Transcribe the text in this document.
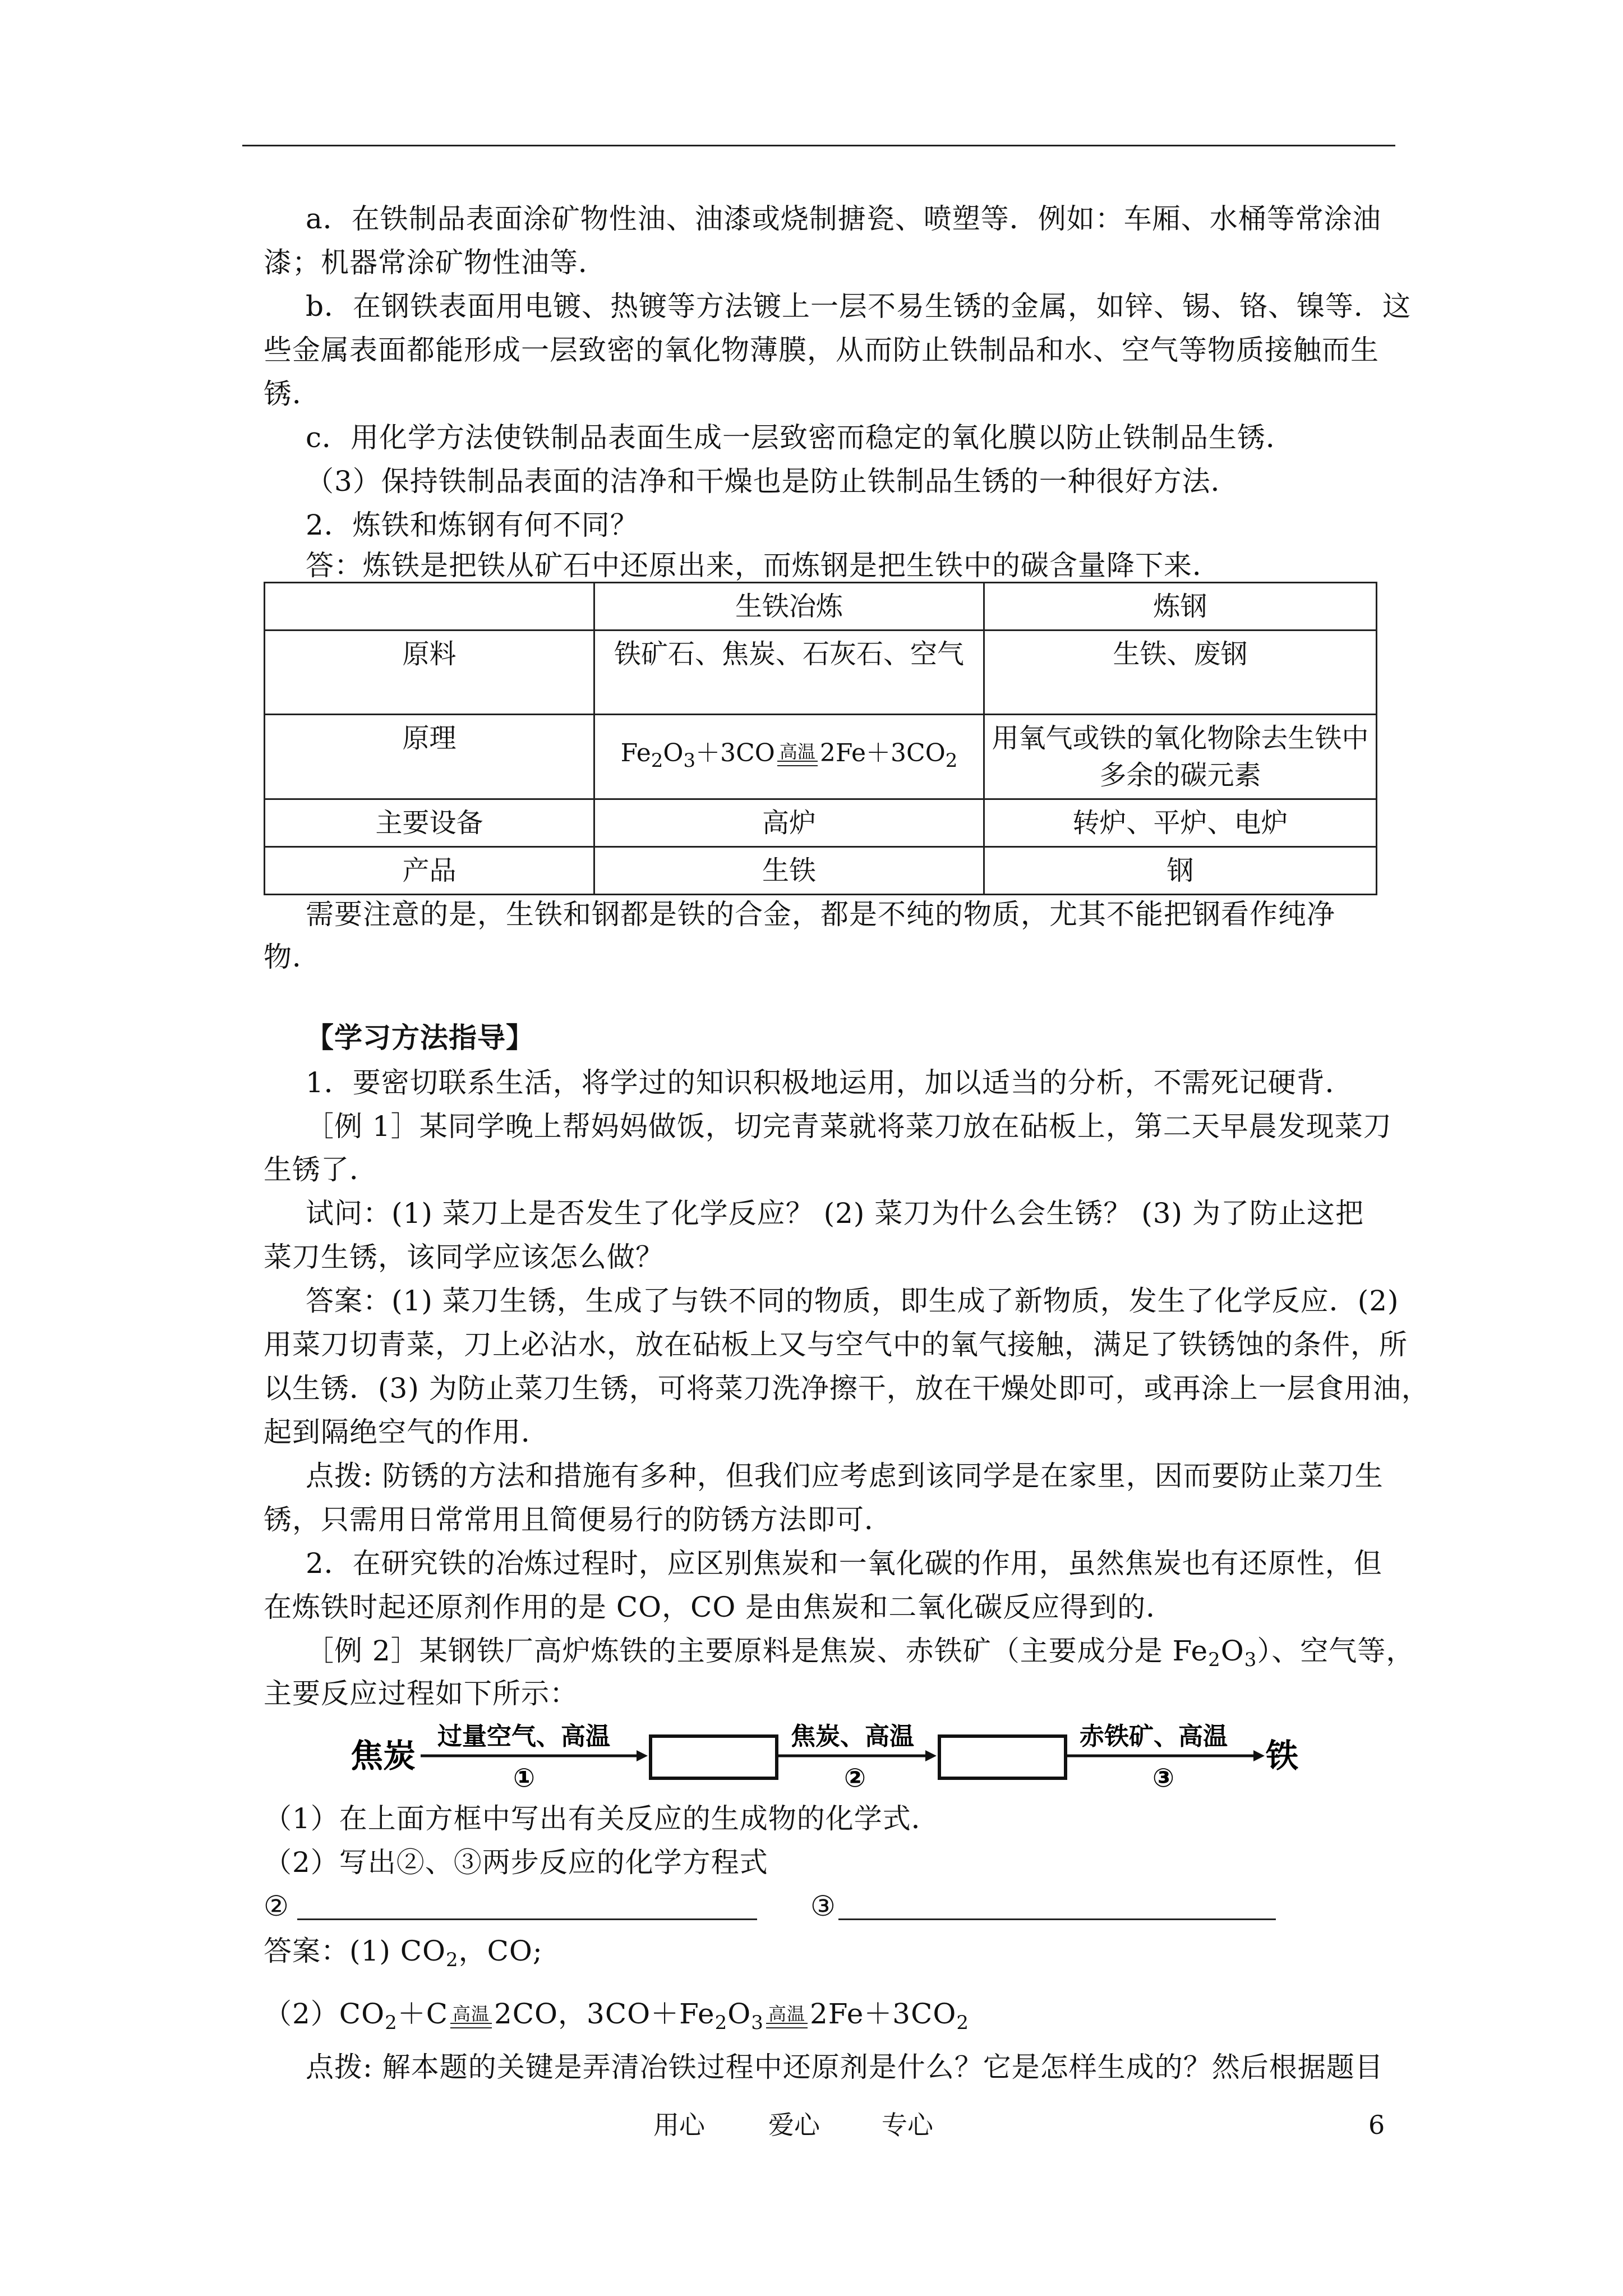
a．在铁制品表面涂矿物性油、油漆或烧制搪瓷、喷塑等．例如：车厢、水桶等常涂油
漆；机器常涂矿物性油等．
b．在钢铁表面用电镀、热镀等方法镀上一层不易生锈的金属，如锌、锡、铬、镍等．这
些金属表面都能形成一层致密的氧化物薄膜，从而防止铁制品和水、空气等物质接触而生
锈．
c．用化学方法使铁制品表面生成一层致密而稳定的氧化膜以防止铁制品生锈．
（3）保持铁制品表面的洁净和干燥也是防止铁制品生锈的一种很好方法．
2．炼铁和炼钢有何不同？
答：炼铁是把铁从矿石中还原出来，而炼钢是把生铁中的碳含量降下来．
	生铁冶炼	炼钢
原料	铁矿石、焦炭、石灰石、空气	生铁、废钢
原理	$Fe_2O_3+3CO$ 高温 $2Fe+3CO_2$	用氧气或铁的氧化物除去生铁中多余的碳元素
主要设备	高炉	转炉、平炉、电炉
产品	生铁	钢
需要注意的是，生铁和钢都是铁的合金，都是不纯的物质，尤其不能把钢看作纯净
物．
【学习方法指导】
1．要密切联系生活，将学过的知识积极地运用，加以适当的分析，不需死记硬背．
［例 1］某同学晚上帮妈妈做饭，切完青菜就将菜刀放在砧板上，第二天早晨发现菜刀
生锈了．
试问：(1) 菜刀上是否发生了化学反应？ (2) 菜刀为什么会生锈？ (3) 为了防止这把
菜刀生锈，该同学应该怎么做？
答案：(1) 菜刀生锈，生成了与铁不同的物质，即生成了新物质，发生了化学反应．(2)
用菜刀切青菜，刀上必沾水，放在砧板上又与空气中的氧气接触，满足了铁锈蚀的条件，所
以生锈．(3) 为防止菜刀生锈，可将菜刀洗净擦干，放在干燥处即可，或再涂上一层食用油，
起到隔绝空气的作用．
点拨: 防锈的方法和措施有多种，但我们应考虑到该同学是在家里，因而要防止菜刀生
锈，只需用日常常用且简便易行的防锈方法即可．
2．在研究铁的冶炼过程时，应区别焦炭和一氧化碳的作用，虽然焦炭也有还原性，但
在炼铁时起还原剂作用的是 CO，CO 是由焦炭和二氧化碳反应得到的．
［例 2］某钢铁厂高炉炼铁的主要原料是焦炭、赤铁矿（主要成分是 $Fe_2O_3$）、空气等，
主要反应过程如下所示：
焦炭
过量空气、高温
①
焦炭、高温
②
赤铁矿、高温
③
铁
（1）在上面方框中写出有关反应的生成物的化学式．
（2）写出②、③两步反应的化学方程式
②	③
答案：(1) $CO_2$，CO;
$(2)CO_2+C$ 高温 2CO，$3CO+Fe_2O_3$ 高温 $2Fe+3CO_2$
点拨: 解本题的关键是弄清冶铁过程中还原剂是什么？它是怎样生成的？然后根据题目
用心 爱心 专心	6
